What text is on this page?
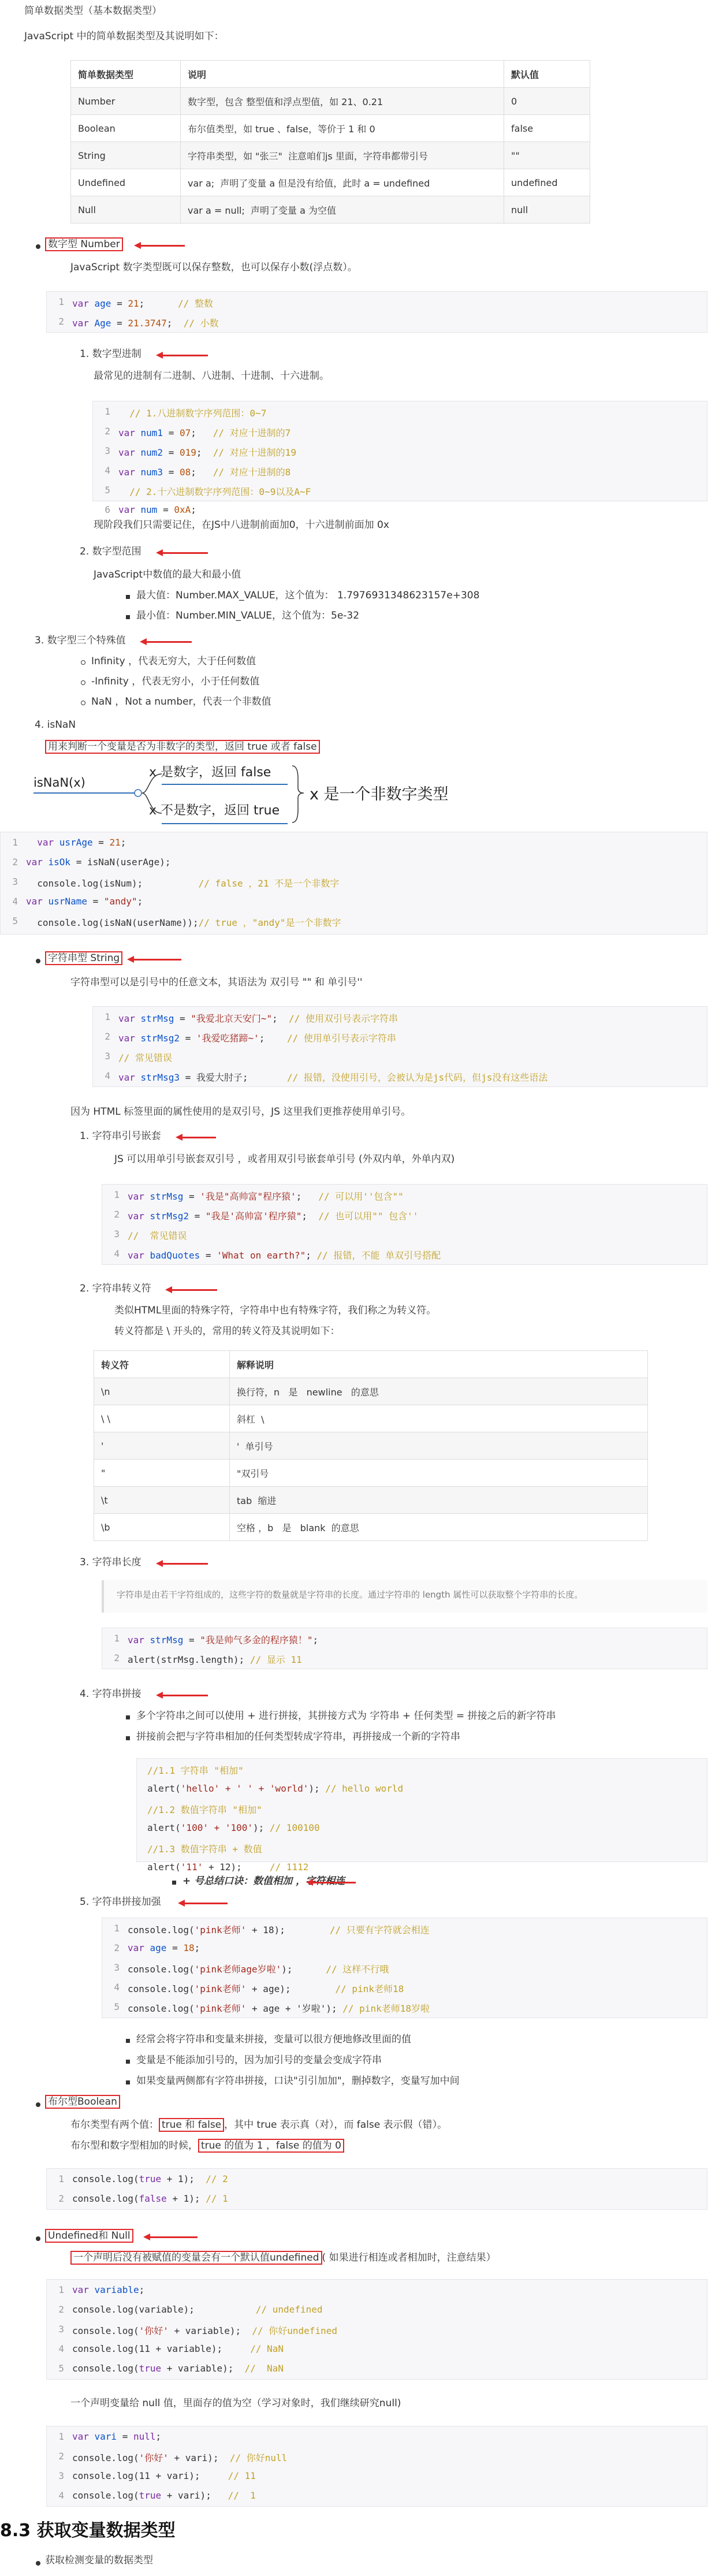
简单数据类型（基本数据类型）
JavaScript 中的简单数据类型及其说明如下：
简单数据类型	说明	默认值
Number	数字型，包含 整型值和浮点型值，如 21、0.21	0
Boolean	布尔值类型，如 true 、false，等价于 1 和 0	false
String	字符串类型，如 "张三"  注意咱们js 里面，字符串都带引号	""
Undefined	var a;  声明了变量 a 但是没有给值，此时 a = undefined	undefined
Null	var a = null;  声明了变量 a 为空值	null
数字型 Number
JavaScript 数字类型既可以保存整数，也可以保存小数(浮点数）。
1 var age = 21;      // 整数
2 var Age = 21.3747;  // 小数
1. 数字型进制
最常见的进制有二进制、八进制、十进制、十六进制。
1 // 1.八进制数字序列范围：0~7
2 var num1 = 07;   // 对应十进制的7
3 var num2 = 019;  // 对应十进制的19
4 var num3 = 08;   // 对应十进制的8
5 // 2.十六进制数字序列范围：0~9以及A~F
6 var num = 0xA;
现阶段我们只需要记住，在JS中八进制前面加0，十六进制前面加 0x
2. 数字型范围
JavaScript中数值的最大和最小值
最大值：Number.MAX_VALUE，这个值为： 1.7976931348623157e+308
最小值：Number.MIN_VALUE，这个值为：5e-32
3. 数字型三个特殊值
Infinity ，代表无穷大，大于任何数值
-Infinity ，代表无穷小，小于任何数值
NaN ，Not a number，代表一个非数值
4. isNaN
用来判断一个变量是否为非数字的类型，返回 true 或者 false
isNaN(x)
x 是数字，返回 false
x 不是数字，返回 true
x 是一个非数字类型
1 var usrAge = 21;
2 var isOk = isNaN(userAge);
3 console.log(isNum);          // false ，21 不是一个非数字
4 var usrName = "andy";
5 console.log(isNaN(userName));// true ，"andy"是一个非数字
字符串型 String
字符串型可以是引号中的任意文本，其语法为 双引号 "" 和 单引号''
1 var strMsg = "我爱北京天安门~";  // 使用双引号表示字符串
2 var strMsg2 = '我爱吃猪蹄~';    // 使用单引号表示字符串
3 // 常见错误
4 var strMsg3 = 我爱大肘子;       // 报错，没使用引号，会被认为是js代码，但js没有这些语法
因为 HTML 标签里面的属性使用的是双引号，JS 这里我们更推荐使用单引号。
1. 字符串引号嵌套
JS 可以用单引号嵌套双引号 ，或者用双引号嵌套单引号 (外双内单，外单内双)
1 var strMsg = '我是"高帅富"程序猿';   // 可以用''包含""
2 var strMsg2 = "我是'高帅富'程序猿";  // 也可以用"" 包含''
3 //  常见错误
4 var badQuotes = 'What on earth?"; // 报错，不能 单双引号搭配
2. 字符串转义符
类似HTML里面的特殊字符，字符串中也有特殊字符，我们称之为转义符。
转义符都是 \ 开头的，常用的转义符及其说明如下：
转义符	解释说明
\n	换行符，n   是   newline   的意思
\ \	斜杠  \
'	'  单引号
"	"双引号
\t	tab  缩进
\b	空格 ，b   是   blank  的意思
3. 字符串长度
字符串是由若干字符组成的，这些字符的数量就是字符串的长度。通过字符串的 length 属性可以获取整个字符串的长度。
1 var strMsg = "我是帅气多金的程序猿！";
2 alert(strMsg.length); // 显示 11
4. 字符串拼接
多个字符串之间可以使用 + 进行拼接，其拼接方式为 字符串 + 任何类型 = 拼接之后的新字符串
拼接前会把与字符串相加的任何类型转成字符串，再拼接成一个新的字符串
//1.1 字符串 "相加"
alert('hello' + ' ' + 'world'); // hello world
//1.2 数值字符串 "相加"
alert('100' + '100'); // 100100
//1.3 数值字符串 + 数值
alert('11' + 12);     // 1112
+ 号总结口诀：数值相加 ，字符相连
5. 字符串拼接加强
1 console.log('pink老师' + 18);        // 只要有字符就会相连
2 var age = 18;
3 console.log('pink老师age岁啦');      // 这样不行哦
4 console.log('pink老师' + age);        // pink老师18
5 console.log('pink老师' + age + '岁啦'); // pink老师18岁啦
经常会将字符串和变量来拼接，变量可以很方便地修改里面的值
变量是不能添加引号的，因为加引号的变量会变成字符串
如果变量两侧都有字符串拼接，口诀"引引加加"，删掉数字，变量写加中间
布尔型Boolean
布尔类型有两个值： true 和 false ，其中 true 表示真（对），而 false 表示假（错）。
布尔型和数字型相加的时候， true 的值为 1 ，false 的值为 0
1 console.log(true + 1);  // 2
2 console.log(false + 1); // 1
Undefined和 Null
一个声明后没有被赋值的变量会有一个默认值undefined ( 如果进行相连或者相加时，注意结果）
1 var variable;
2 console.log(variable);           // undefined
3 console.log('你好' + variable);  // 你好undefined
4 console.log(11 + variable);     // NaN
5 console.log(true + variable);  //  NaN
一个声明变量给 null 值，里面存的值为空（学习对象时，我们继续研究null)
1 var vari = null;
2 console.log('你好' + vari);  // 你好null
3 console.log(11 + vari);     // 11
4 console.log(true + vari);   //  1
8.3 获取变量数据类型
获取检测变量的数据类型
